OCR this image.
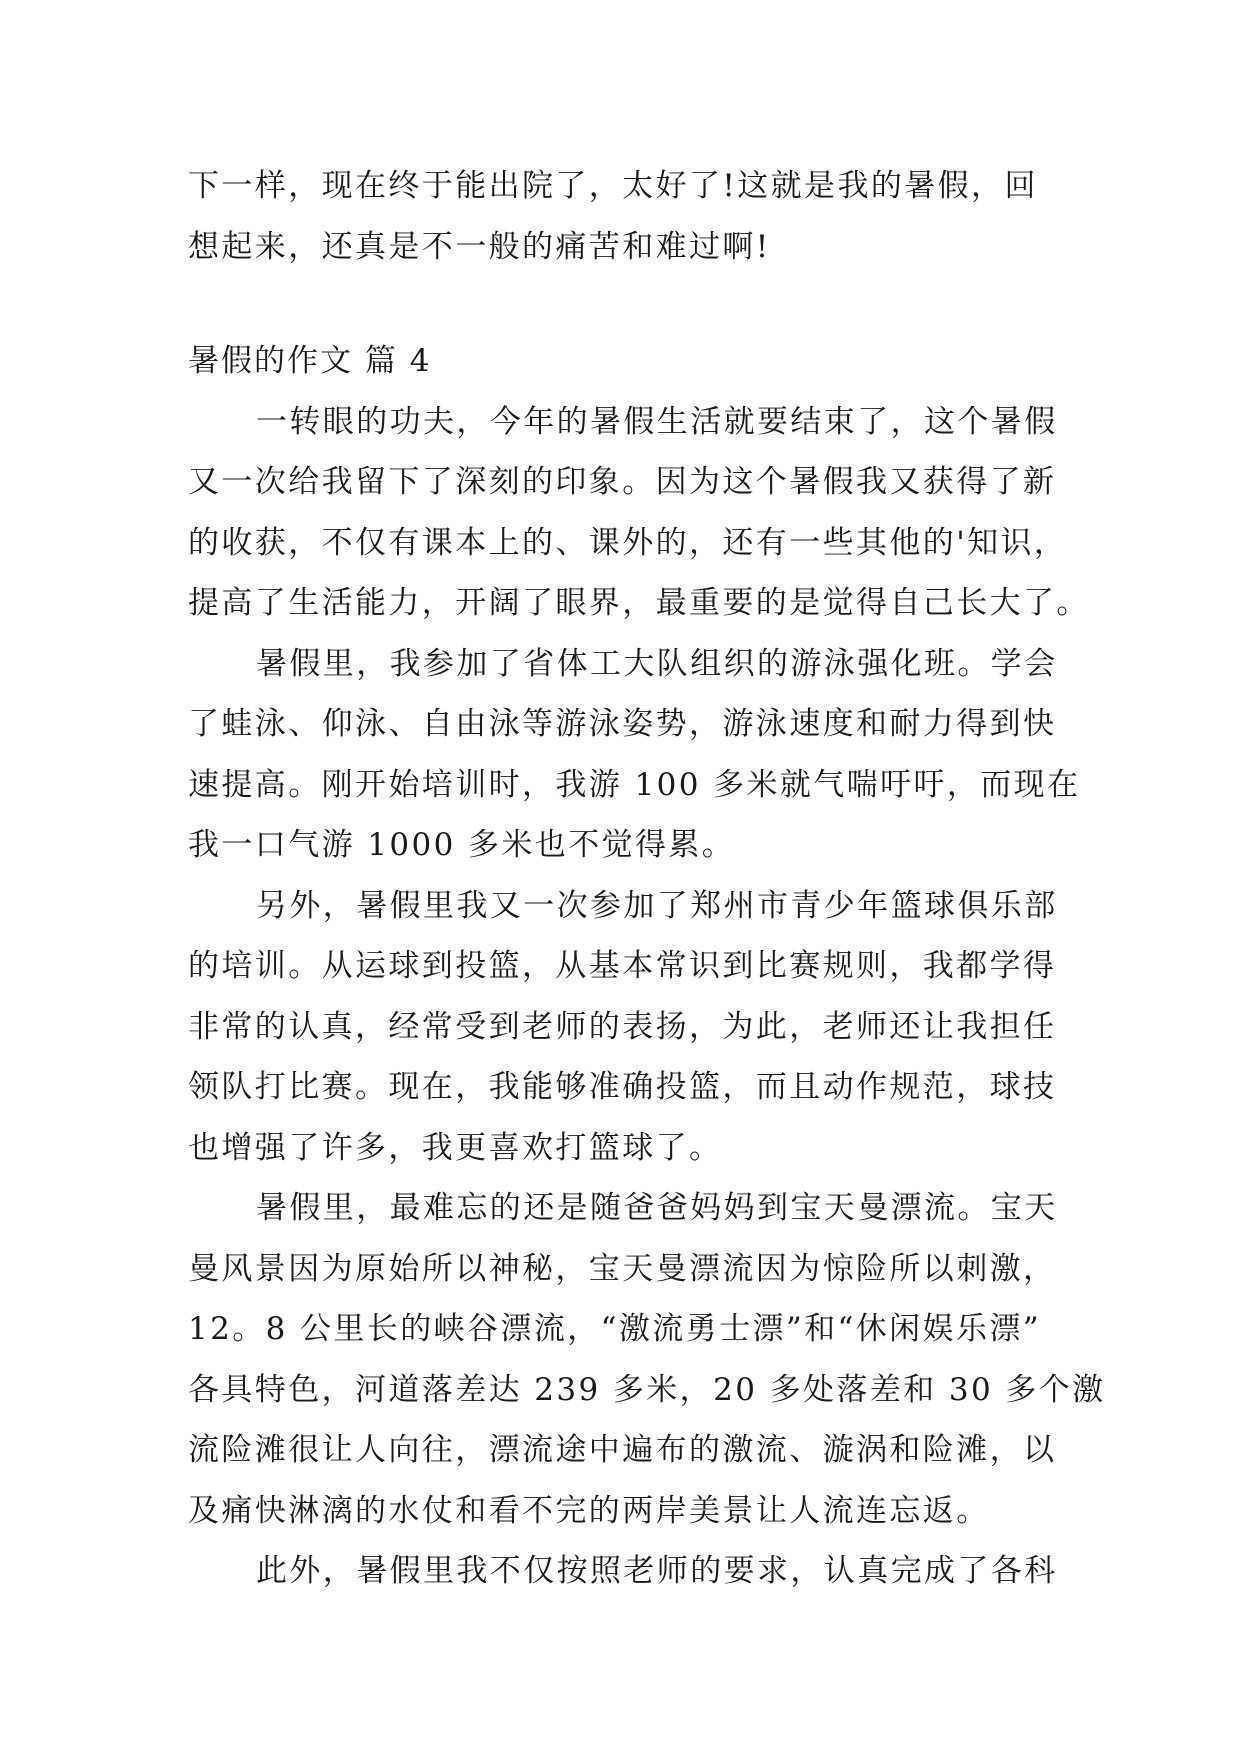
下一样，现在终于能出院了，太好了!这就是我的暑假，回
想起来，还真是不一般的痛苦和难过啊!
暑假的作文 篇 4
一转眼的功夫，今年的暑假生活就要结束了，这个暑假
又一次给我留下了深刻的印象。因为这个暑假我又获得了新
的收获，不仅有课本上的、课外的，还有一些其他的'知识，
提高了生活能力，开阔了眼界，最重要的是觉得自己长大了。
暑假里，我参加了省体工大队组织的游泳强化班。学会
了蛙泳、仰泳、自由泳等游泳姿势，游泳速度和耐力得到快
速提高。刚开始培训时，我游 100 多米就气喘吁吁，而现在
我一口气游 1000 多米也不觉得累。
另外，暑假里我又一次参加了郑州市青少年篮球俱乐部
的培训。从运球到投篮，从基本常识到比赛规则，我都学得
非常的认真，经常受到老师的表扬，为此，老师还让我担任
领队打比赛。现在，我能够准确投篮，而且动作规范，球技
也增强了许多，我更喜欢打篮球了。
暑假里，最难忘的还是随爸爸妈妈到宝天曼漂流。宝天
曼风景因为原始所以神秘，宝天曼漂流因为惊险所以刺激，
12。8 公里长的峡谷漂流，“激流勇士漂”和“休闲娱乐漂”
各具特色，河道落差达 239 多米，20 多处落差和 30 多个激
流险滩很让人向往，漂流途中遍布的激流、漩涡和险滩，以
及痛快淋漓的水仗和看不完的两岸美景让人流连忘返。
此外，暑假里我不仅按照老师的要求，认真完成了各科
